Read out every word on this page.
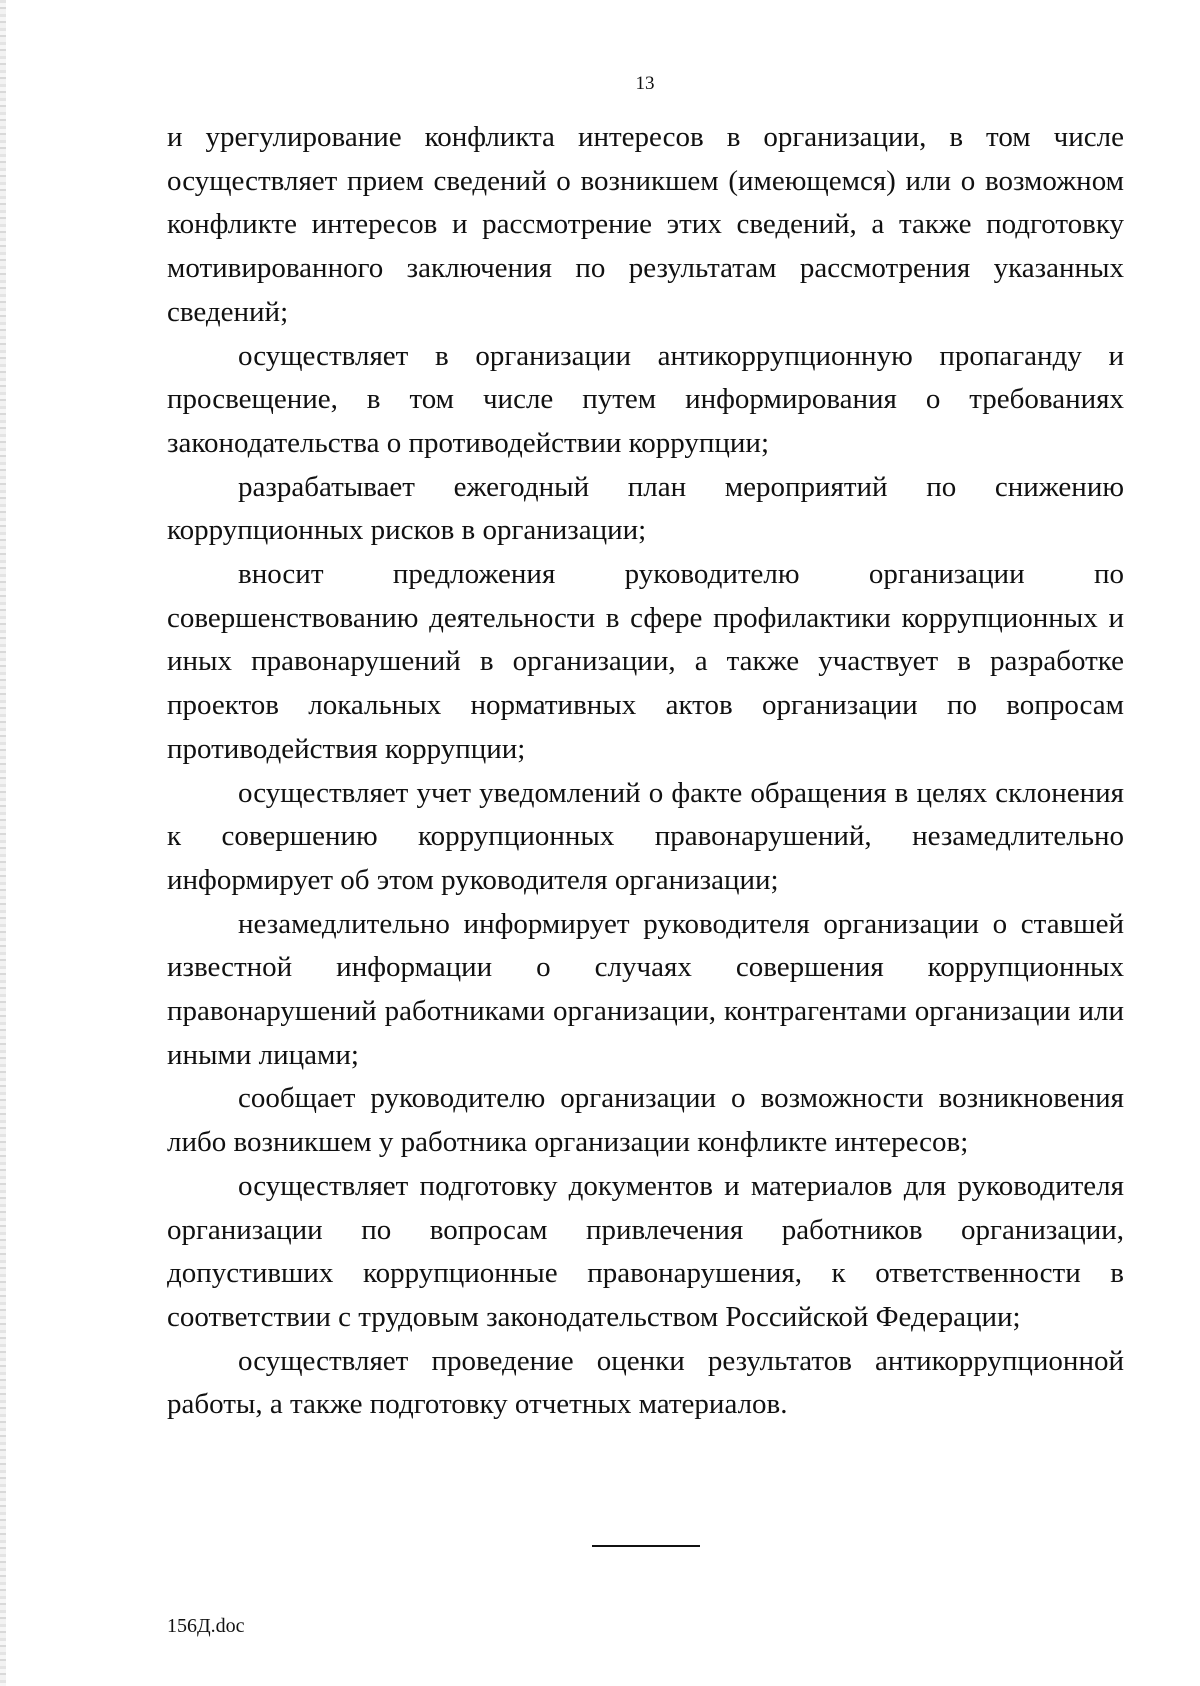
13

и урегулирование конфликта интересов в организации, в том числе осуществляет прием сведений о возникшем (имеющемся) или о возможном конфликте интересов и рассмотрение этих сведений, а также подготовку мотивированного заключения по результатам рассмотрения указанных сведений;

осуществляет в организации антикоррупционную пропаганду и просвещение, в том числе путем информирования о требованиях законодательства о противодействии коррупции;

разрабатывает ежегодный план мероприятий по снижению коррупционных рисков в организации;

вносит предложения руководителю организации по совершенствованию деятельности в сфере профилактики коррупционных и иных правонарушений в организации, а также участвует в разработке проектов локальных нормативных актов организации по вопросам противодействия коррупции;

осуществляет учет уведомлений о факте обращения в целях склонения к совершению коррупционных правонарушений, незамедлительно информирует об этом руководителя организации;

незамедлительно информирует руководителя организации о ставшей известной информации о случаях совершения коррупционных правонарушений работниками организации, контрагентами организации или иными лицами;

сообщает руководителю организации о возможности возникновения либо возникшем у работника организации конфликте интересов;

осуществляет подготовку документов и материалов для руководителя организации по вопросам привлечения работников организации, допустивших коррупционные правонарушения, к ответственности в соответствии с трудовым законодательством Российской Федерации;

осуществляет проведение оценки результатов антикоррупционной работы, а также подготовку отчетных материалов.

156Д.doc
